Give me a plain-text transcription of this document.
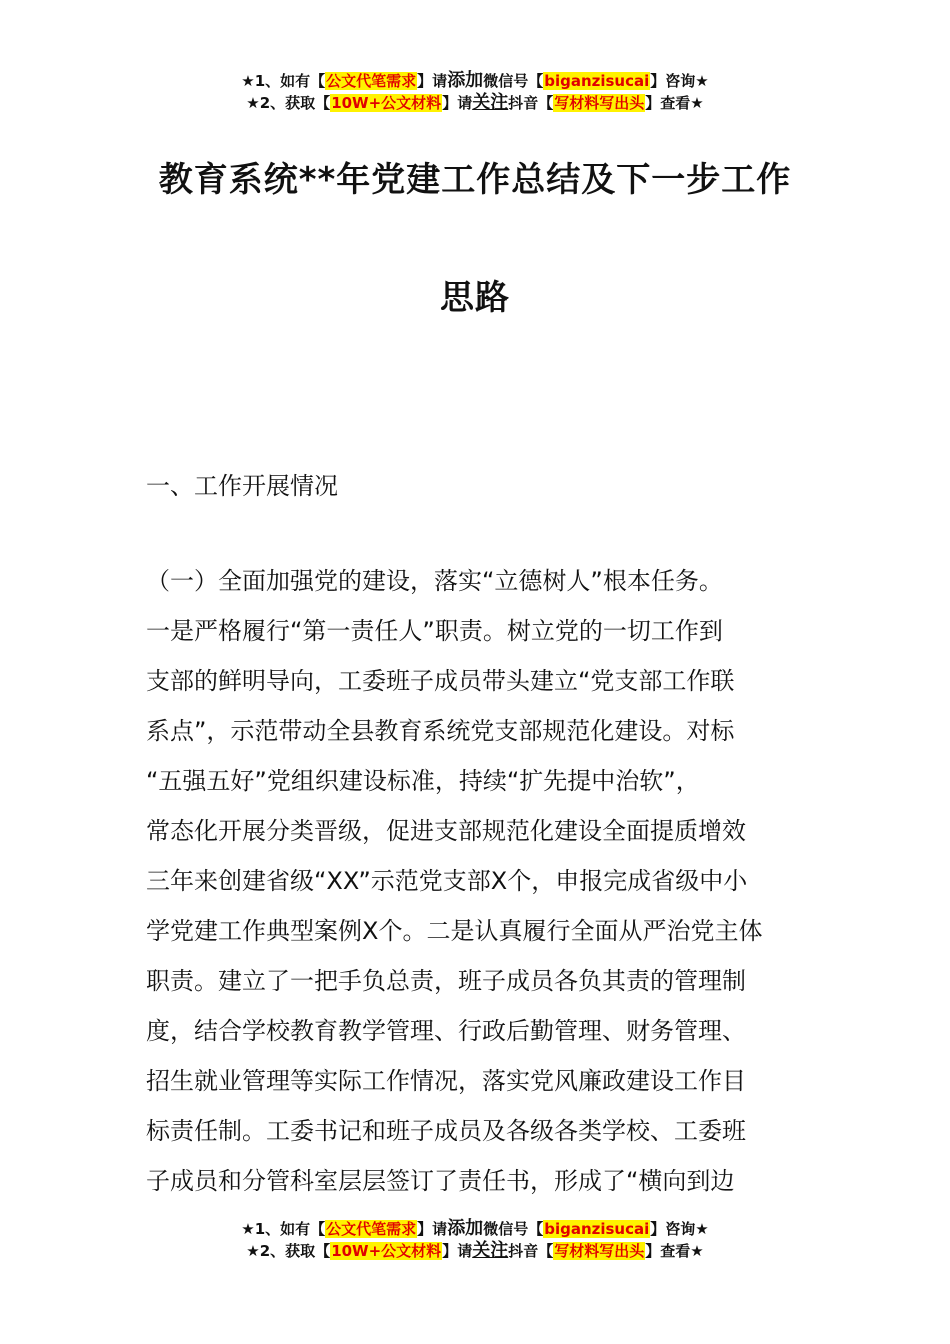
★1、如有【公文代笔需求】请添加微信号【biganzisucai】咨询★
★2、获取【10W+公文材料】请关注抖音【写材料写出头】查看★
教育系统**年党建工作总结及下一步工作
思路
一、工作开展情况
（一）全面加强党的建设，落实“立德树人”根本任务。
一是严格履行“第一责任人”职责。树立党的一切工作到
支部的鲜明导向，工委班子成员带头建立“党支部工作联
系点”，示范带动全县教育系统党支部规范化建设。对标
“五强五好”党组织建设标准，持续“扩先提中治软”，
常态化开展分类晋级，促进支部规范化建设全面提质增效
三年来创建省级“XX”示范党支部X个，申报完成省级中小
学党建工作典型案例X个。二是认真履行全面从严治党主体
职责。建立了一把手负总责，班子成员各负其责的管理制
度，结合学校教育教学管理、行政后勤管理、财务管理、
招生就业管理等实际工作情况，落实党风廉政建设工作目
标责任制。工委书记和班子成员及各级各类学校、工委班
子成员和分管科室层层签订了责任书，形成了“横向到边
★1、如有【公文代笔需求】请添加微信号【biganzisucai】咨询★
★2、获取【10W+公文材料】请关注抖音【写材料写出头】查看★
